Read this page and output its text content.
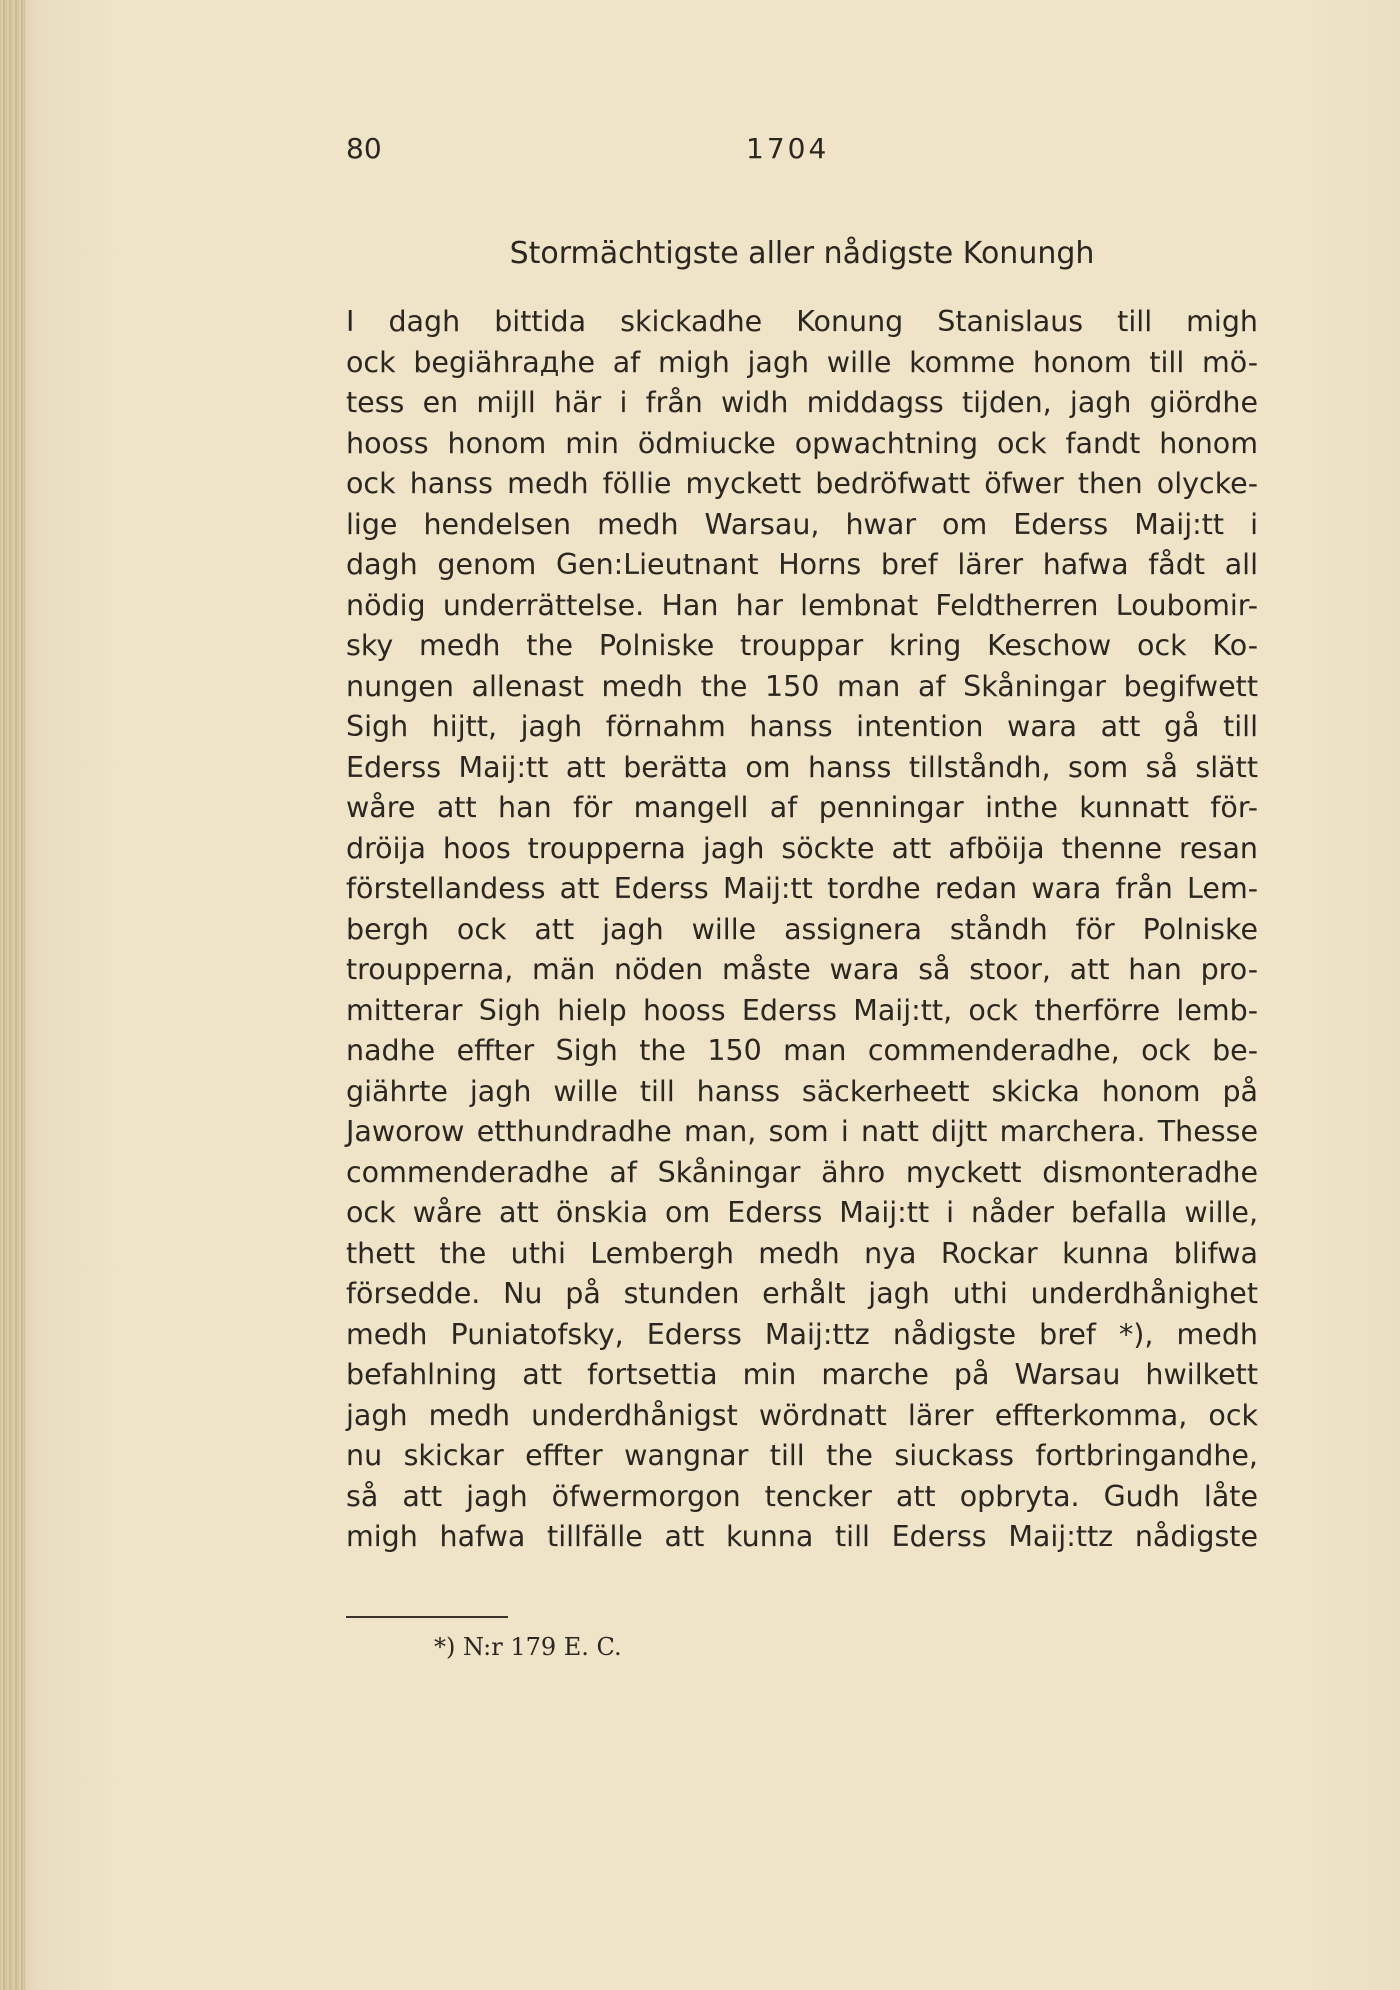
80	1704
Stormächtigste aller nådigste Konungh
I dagh bittida skickadhe Konung Stanislaus till migh
ock begiährадhe af migh jagh wille komme honom till mö-
tess en mijll här i från widh middagss tijden, jagh giördhe
hooss honom min ödmiucke opwachtning ock fandt honom
ock hanss medh föllie myckett bedröfwatt öfwer then olycke-
lige hendelsen medh Warsau, hwar om Ederss Maij:tt i
dagh genom Gen:Lieutnant Horns bref lärer hafwa fådt all
nödig underrättelse. Han har lembnat Feldtherren Loubomir-
sky medh the Polniske trouppar kring Keschow ock Ko-
nungen allenast medh the 150 man af Skåningar begifwett
Sigh hijtt, jagh förnahm hanss intention wara att gå till
Ederss Maij:tt att berätta om hanss tillståndh, som så slätt
wåre att han för mangell af penningar inthe kunnatt för-
dröija hoos troupperna jagh söckte att afböija thenne resan
förstellandess att Ederss Maij:tt tordhe redan wara från Lem-
bergh ock att jagh wille assignera ståndh för Polniske
troupperna, män nöden måste wara så stoor, att han pro-
mitterar Sigh hielp hooss Ederss Maij:tt, ock therförre lemb-
nadhe effter Sigh the 150 man commenderadhe, ock be-
giährte jagh wille till hanss säckerheett skicka honom på
Jaworow etthundradhe man, som i natt dijtt marchera. Thesse
commenderadhe af Skåningar ähro myckett dismonteradhe
ock wåre att önskia om Ederss Maij:tt i nåder befalla wille,
thett the uthi Lembergh medh nya Rockar kunna blifwa
försedde. Nu på stunden erhålt jagh uthi underdhånighet
medh Puniatofsky, Ederss Maij:ttz nådigste bref *), medh
befahlning att fortsettia min marche på Warsau hwilkett
jagh medh underdhånigst wördnatt lärer effterkomma, ock
nu skickar effter wangnar till the siuckass fortbringandhe,
så att jagh öfwermorgon tencker att opbryta. Gudh låte
migh hafwa tillfälle att kunna till Ederss Maij:ttz nådigste
*) N:r 179 E. C.
